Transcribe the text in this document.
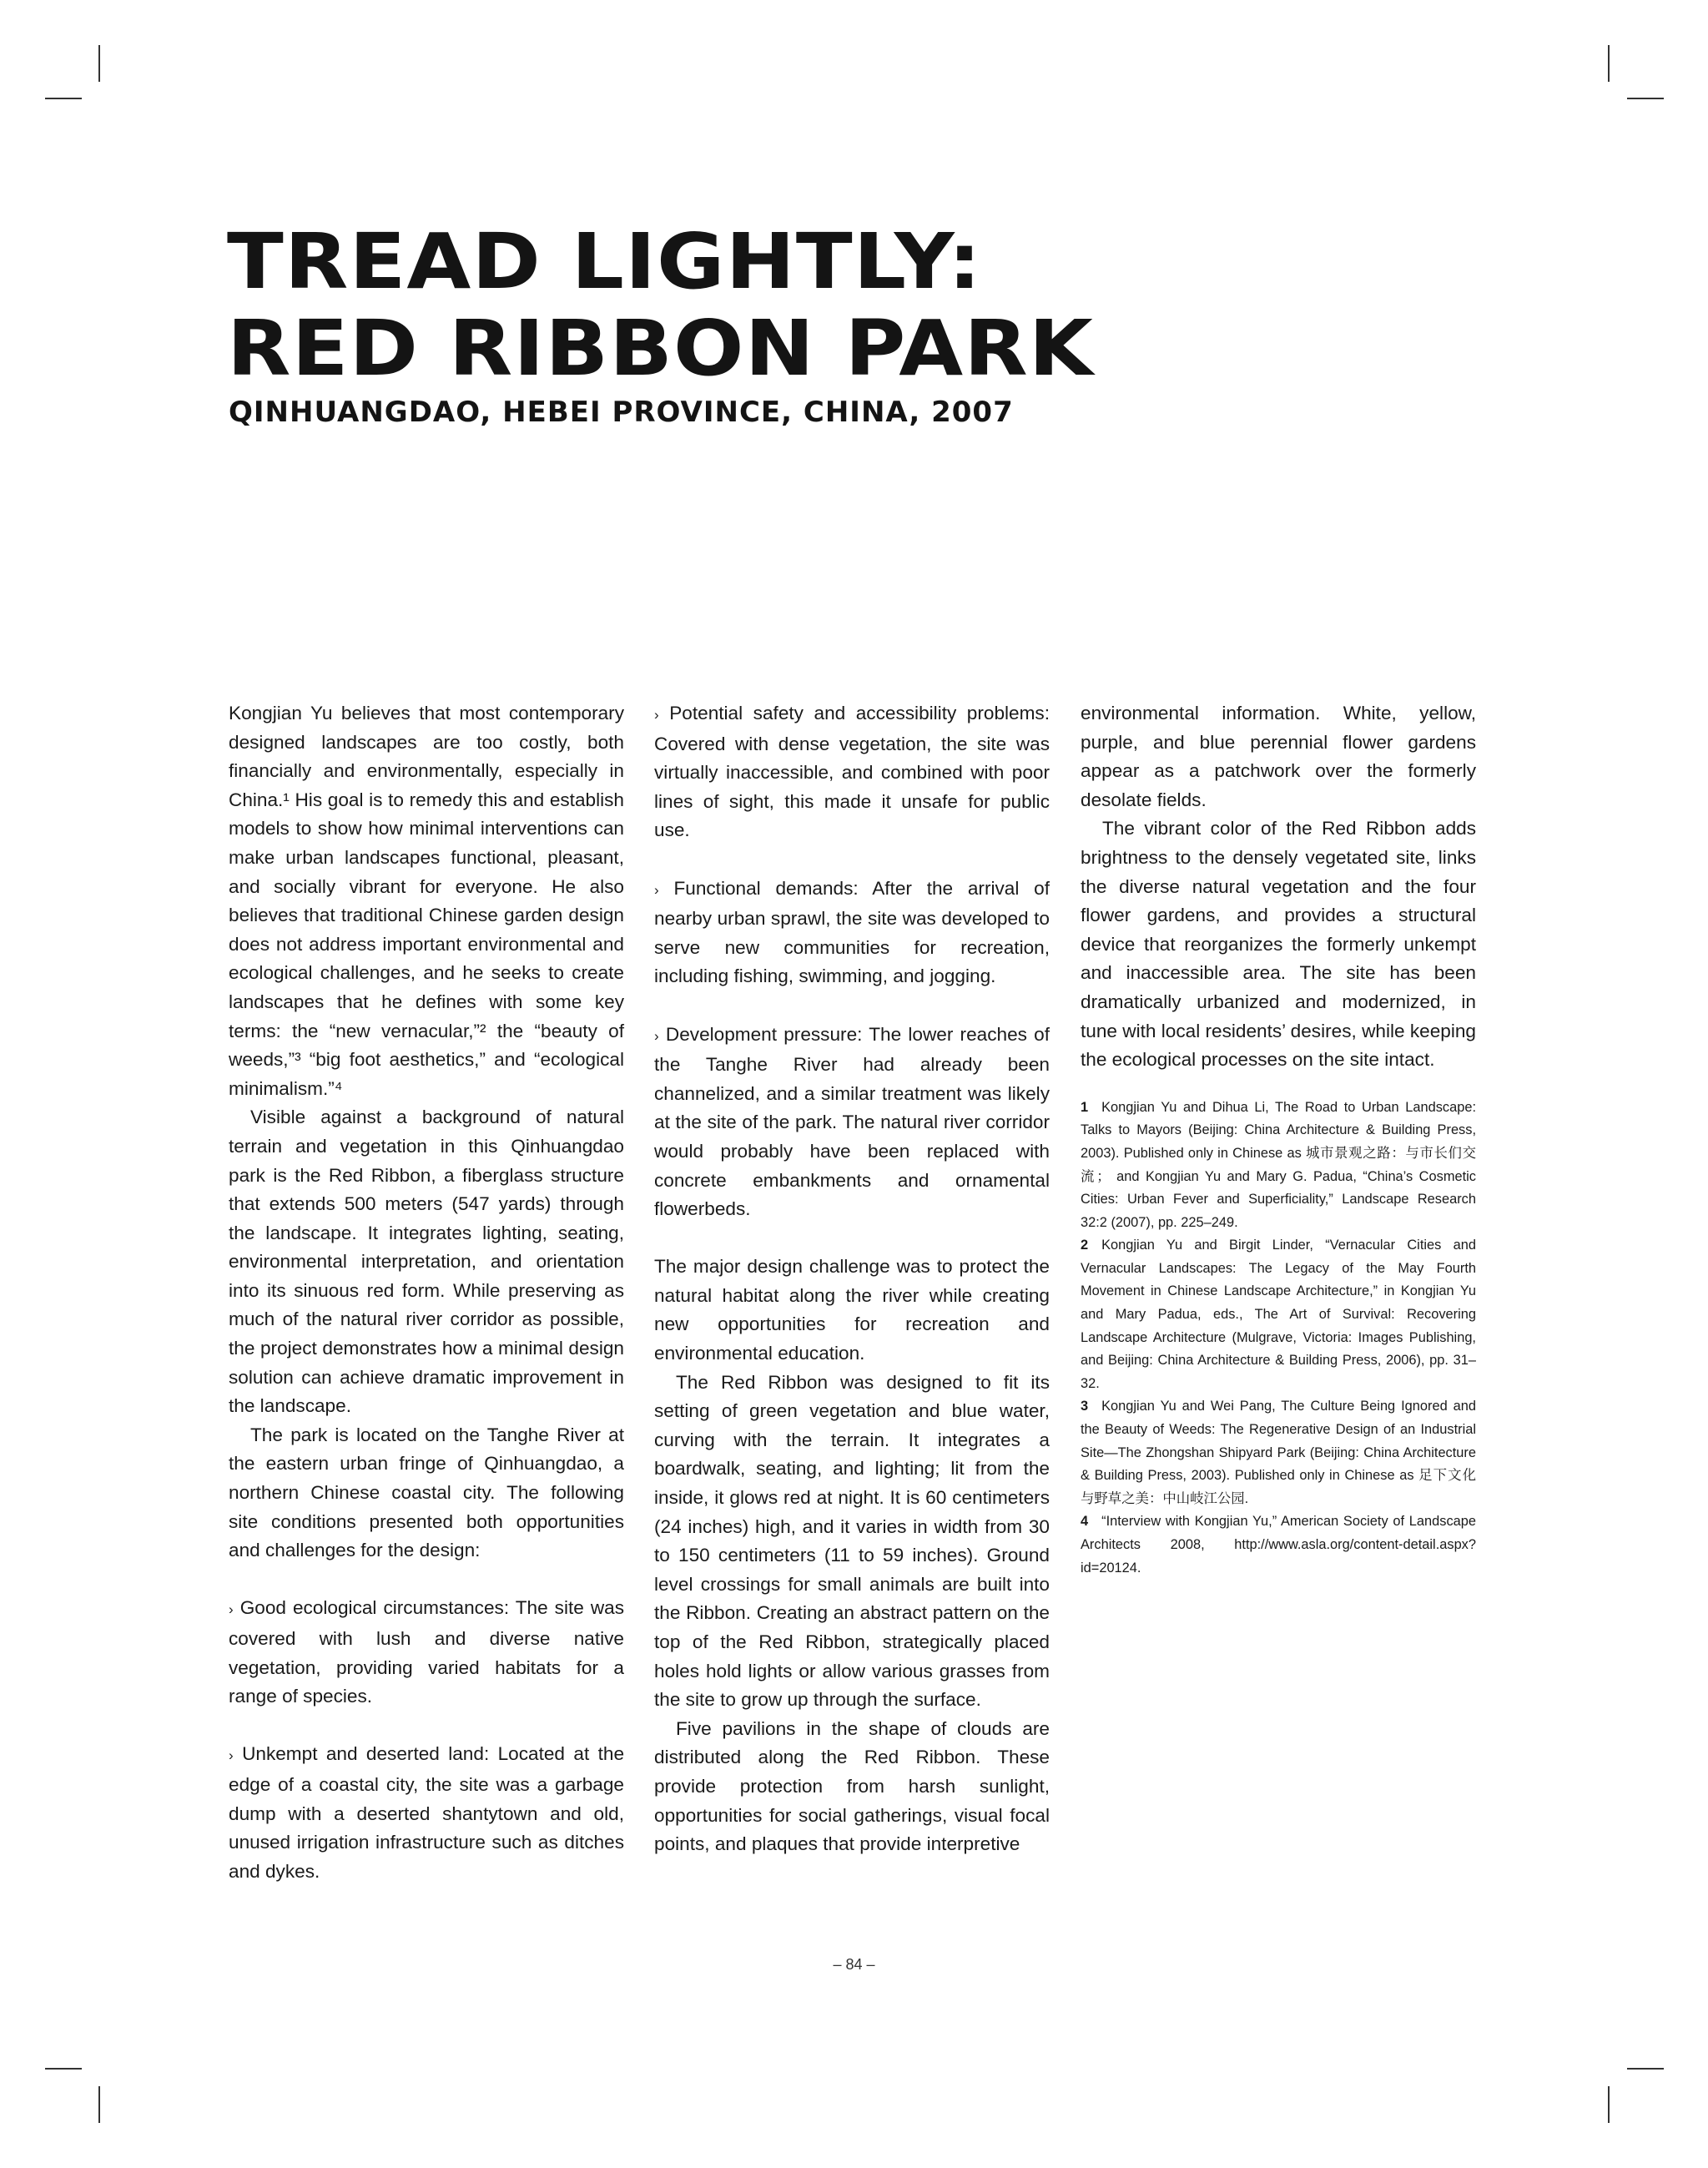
TREAD LIGHTLY:
RED RIBBON PARK
QINHUANGDAO, HEBEI PROVINCE, CHINA, 2007

Kongjian Yu believes that most contemporary designed landscapes are too costly, both financially and environmentally, especially in China.¹ His goal is to remedy this and establish models to show how minimal interventions can make urban landscapes functional, pleasant, and socially vibrant for everyone. He also believes that traditional Chinese garden design does not address important environmental and ecological challenges, and he seeks to create landscapes that he defines with some key terms: the “new vernacular,”² the “beauty of weeds,”³ “big foot aesthetics,” and “ecological minimalism.”⁴

Visible against a background of natural terrain and vegetation in this Qinhuangdao park is the Red Ribbon, a fiberglass structure that extends 500 meters (547 yards) through the landscape. It integrates lighting, seating, environmental interpretation, and orientation into its sinuous red form. While preserving as much of the natural river corridor as possible, the project demonstrates how a minimal design solution can achieve dramatic improvement in the landscape.

The park is located on the Tanghe River at the eastern urban fringe of Qinhuangdao, a northern Chinese coastal city. The following site conditions presented both opportunities and challenges for the design:

› Good ecological circumstances: The site was covered with lush and diverse native vegetation, providing varied habitats for a range of species.

› Unkempt and deserted land: Located at the edge of a coastal city, the site was a garbage dump with a deserted shantytown and old, unused irrigation infrastructure such as ditches and dykes.

› Potential safety and accessibility problems: Covered with dense vegetation, the site was virtually inaccessible, and combined with poor lines of sight, this made it unsafe for public use.

› Functional demands: After the arrival of nearby urban sprawl, the site was developed to serve new communities for recreation, including fishing, swimming, and jogging.

› Development pressure: The lower reaches of the Tanghe River had already been channelized, and a similar treatment was likely at the site of the park. The natural river corridor would probably have been replaced with concrete embankments and ornamental flowerbeds.

The major design challenge was to protect the natural habitat along the river while creating new opportunities for recreation and environmental education.

The Red Ribbon was designed to fit its setting of green vegetation and blue water, curving with the terrain. It integrates a boardwalk, seating, and lighting; lit from the inside, it glows red at night. It is 60 centimeters (24 inches) high, and it varies in width from 30 to 150 centimeters (11 to 59 inches). Ground level crossings for small animals are built into the Ribbon. Creating an abstract pattern on the top of the Red Ribbon, strategically placed holes hold lights or allow various grasses from the site to grow up through the surface.

Five pavilions in the shape of clouds are distributed along the Red Ribbon. These provide protection from harsh sunlight, opportunities for social gatherings, visual focal points, and plaques that provide interpretive

environmental information. White, yellow, purple, and blue perennial flower gardens appear as a patchwork over the formerly desolate fields.

The vibrant color of the Red Ribbon adds brightness to the densely vegetated site, links the diverse natural vegetation and the four flower gardens, and provides a structural device that reorganizes the formerly unkempt and inaccessible area. The site has been dramatically urbanized and modernized, in tune with local residents’ desires, while keeping the ecological processes on the site intact.

1 Kongjian Yu and Dihua Li, The Road to Urban Landscape: Talks to Mayors (Beijing: China Architecture & Building Press, 2003). Published only in Chinese as 城市景观之路：与市长们交流； and Kongjian Yu and Mary G. Padua, “China’s Cosmetic Cities: Urban Fever and Superficiality,” Landscape Research 32:2 (2007), pp. 225–249.

2 Kongjian Yu and Birgit Linder, “Vernacular Cities and Vernacular Landscapes: The Legacy of the May Fourth Movement in Chinese Landscape Architecture,” in Kongjian Yu and Mary Padua, eds., The Art of Survival: Recovering Landscape Architecture (Mulgrave, Victoria: Images Publishing, and Beijing: China Architecture & Building Press, 2006), pp. 31–32.

3 Kongjian Yu and Wei Pang, The Culture Being Ignored and the Beauty of Weeds: The Regenerative Design of an Industrial Site—The Zhongshan Shipyard Park (Beijing: China Architecture & Building Press, 2003). Published only in Chinese as 足下文化与野草之美：中山岐江公园.

4 “Interview with Kongjian Yu,” American Society of Landscape Architects 2008, http://www.asla.org/content-detail.aspx?id=20124.

– 84 –
